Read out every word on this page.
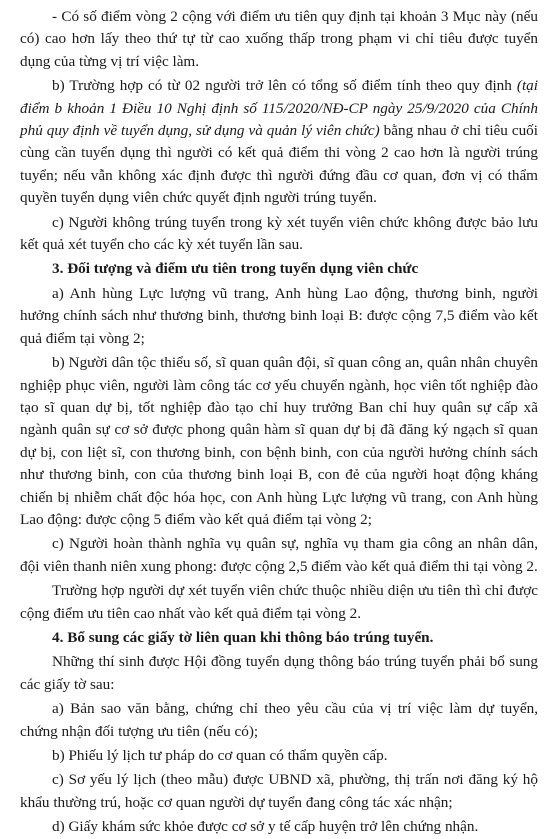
- Có số điểm vòng 2 cộng với điểm ưu tiên quy định tại khoản 3 Mục này (nếu có) cao hơn lấy theo thứ tự từ cao xuống thấp trong phạm vi chỉ tiêu được tuyển dụng của từng vị trí việc làm.

b) Trường hợp có từ 02 người trở lên có tổng số điểm tính theo quy định (tại điểm b khoản 1 Điều 10 Nghị định số 115/2020/NĐ-CP ngày 25/9/2020 của Chính phủ quy định về tuyển dụng, sử dụng và quản lý viên chức) bằng nhau ở chỉ tiêu cuối cùng cần tuyển dụng thì người có kết quả điểm thi vòng 2 cao hơn là người trúng tuyển; nếu vẫn không xác định được thì người đứng đầu cơ quan, đơn vị có thẩm quyền tuyển dụng viên chức quyết định người trúng tuyển.

c) Người không trúng tuyển trong kỳ xét tuyển viên chức không được bảo lưu kết quả xét tuyển cho các kỳ xét tuyển lần sau.

3. Đối tượng và điểm ưu tiên trong tuyển dụng viên chức

a) Anh hùng Lực lượng vũ trang, Anh hùng Lao động, thương binh, người hưởng chính sách như thương binh, thương binh loại B: được cộng 7,5 điểm vào kết quả điểm tại vòng 2;

b) Người dân tộc thiểu số, sĩ quan quân đội, sĩ quan công an, quân nhân chuyên nghiệp phục viên, người làm công tác cơ yếu chuyển ngành, học viên tốt nghiệp đào tạo sĩ quan dự bị, tốt nghiệp đào tạo chỉ huy trưởng Ban chỉ huy quân sự cấp xã ngành quân sự cơ sở được phong quân hàm sĩ quan dự bị đã đăng ký ngạch sĩ quan dự bị, con liệt sĩ, con thương binh, con bệnh binh, con của người hưởng chính sách như thương binh, con của thương binh loại B, con đẻ của người hoạt động kháng chiến bị nhiễm chất độc hóa học, con Anh hùng Lực lượng vũ trang, con Anh hùng Lao động: được cộng 5 điểm vào kết quả điểm tại vòng 2;

c) Người hoàn thành nghĩa vụ quân sự, nghĩa vụ tham gia công an nhân dân, đội viên thanh niên xung phong: được cộng 2,5 điểm vào kết quả điểm thi tại vòng 2.

Trường hợp người dự xét tuyển viên chức thuộc nhiều diện ưu tiên thì chỉ được cộng điểm ưu tiên cao nhất vào kết quả điểm tại vòng 2.

4. Bổ sung các giấy tờ liên quan khi thông báo trúng tuyển.

Những thí sinh được Hội đồng tuyển dụng thông báo trúng tuyển phải bổ sung các giấy tờ sau:

a) Bản sao văn bằng, chứng chỉ theo yêu cầu của vị trí việc làm dự tuyển, chứng nhận đối tượng ưu tiên (nếu có);

b) Phiếu lý lịch tư pháp do cơ quan có thẩm quyền cấp.

c) Sơ yếu lý lịch (theo mẫu) được UBND xã, phường, thị trấn nơi đăng ký hộ khẩu thường trú, hoặc cơ quan người dự tuyển đang công tác xác nhận;

d) Giấy khám sức khỏe được cơ sở y tế cấp huyện trở lên chứng nhận.
